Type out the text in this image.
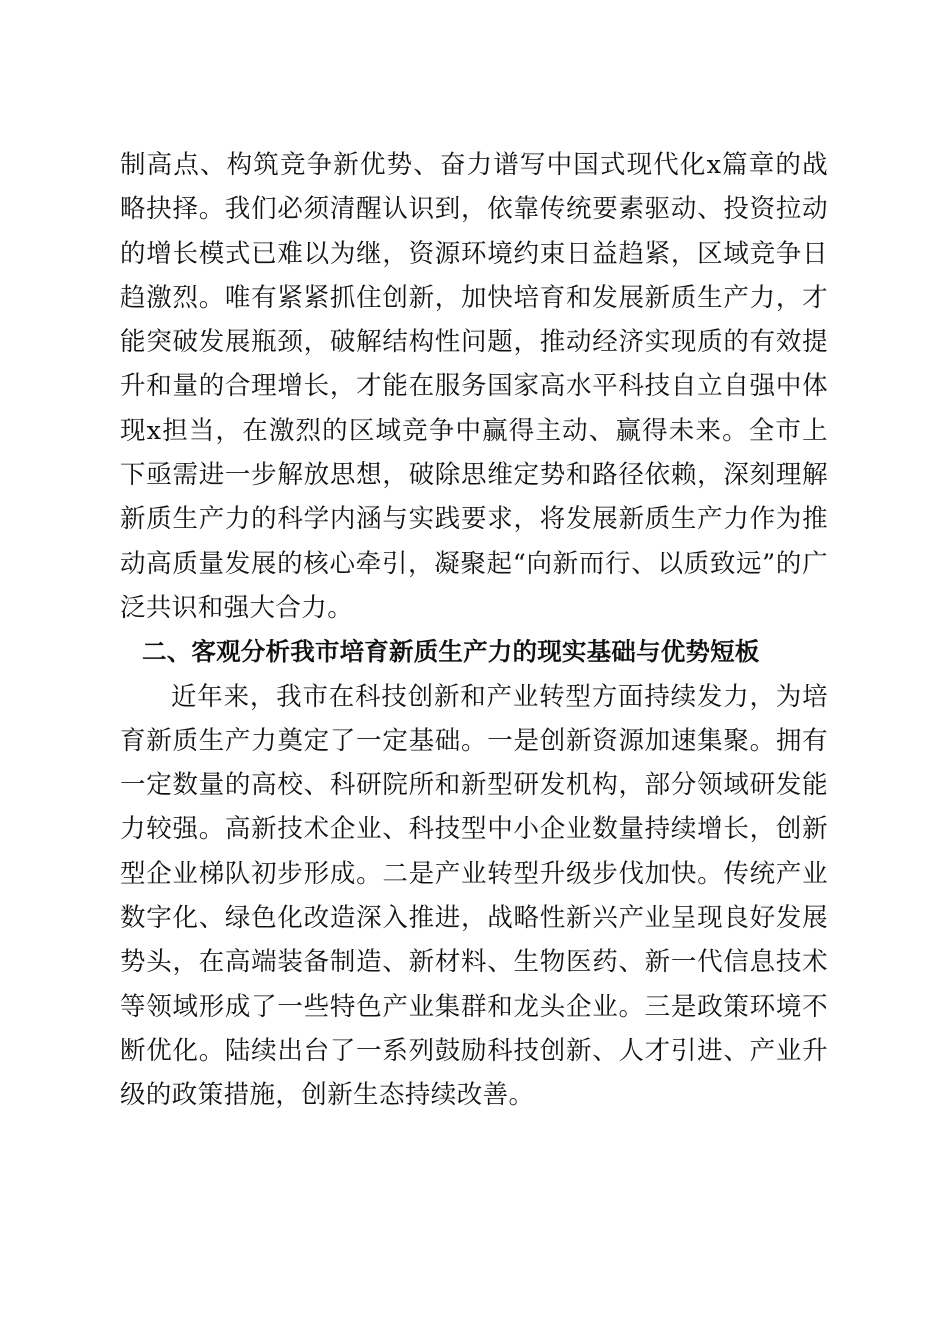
制高点、构筑竞争新优势、奋力谱写中国式现代化x篇章的战略抉择。我们必须清醒认识到，依靠传统要素驱动、投资拉动的增长模式已难以为继，资源环境约束日益趋紧，区域竞争日趋激烈。唯有紧紧抓住创新，加快培育和发展新质生产力，才能突破发展瓶颈，破解结构性问题，推动经济实现质的有效提升和量的合理增长，才能在服务国家高水平科技自立自强中体现x担当，在激烈的区域竞争中赢得主动、赢得未来。全市上下亟需进一步解放思想，破除思维定势和路径依赖，深刻理解新质生产力的科学内涵与实践要求，将发展新质生产力作为推动高质量发展的核心牵引，凝聚起“向新而行、以质致远”的广泛共识和强大合力。

二、客观分析我市培育新质生产力的现实基础与优势短板

近年来，我市在科技创新和产业转型方面持续发力，为培育新质生产力奠定了一定基础。一是创新资源加速集聚。拥有一定数量的高校、科研院所和新型研发机构，部分领域研发能力较强。高新技术企业、科技型中小企业数量持续增长，创新型企业梯队初步形成。二是产业转型升级步伐加快。传统产业数字化、绿色化改造深入推进，战略性新兴产业呈现良好发展势头，在高端装备制造、新材料、生物医药、新一代信息技术等领域形成了一些特色产业集群和龙头企业。三是政策环境不断优化。陆续出台了一系列鼓励科技创新、人才引进、产业升级的政策措施，创新生态持续改善。
